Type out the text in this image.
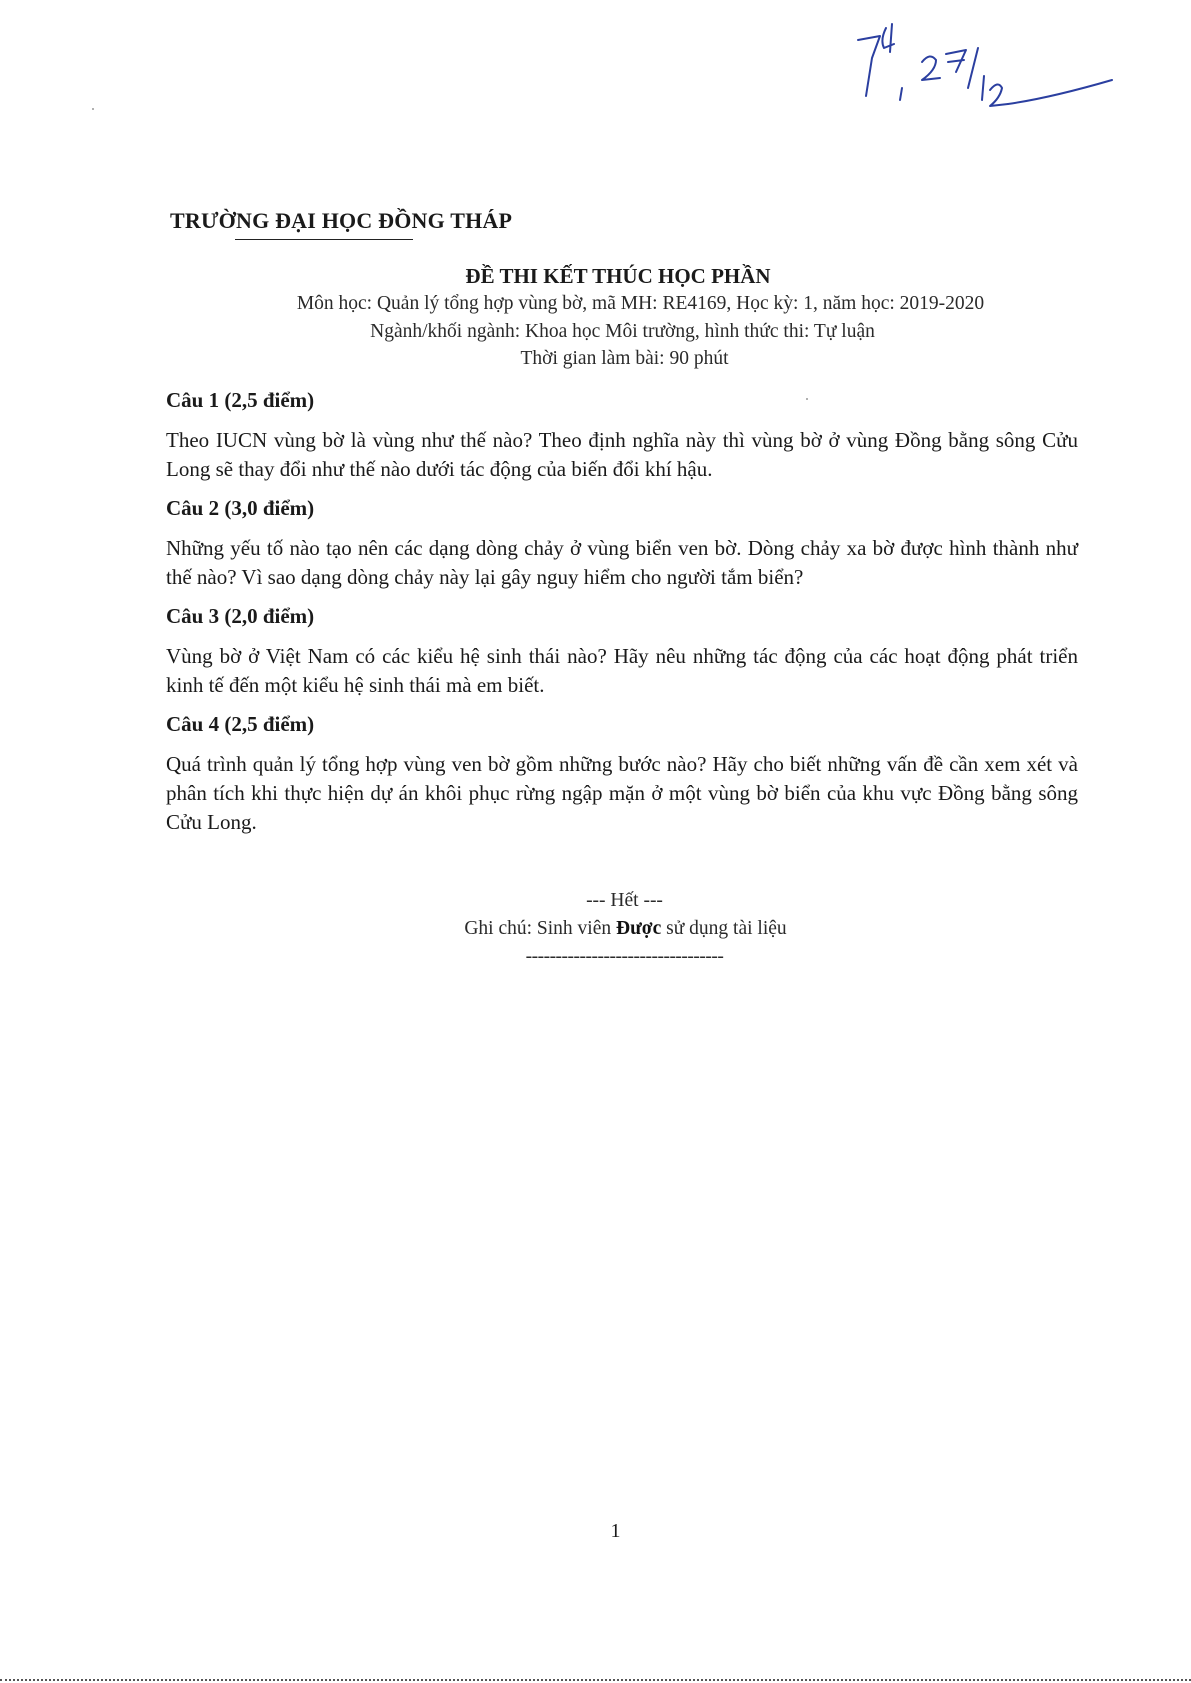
TRƯỜNG ĐẠI HỌC ĐỒNG THÁP
ĐỀ THI KẾT THÚC HỌC PHẦN
Môn học: Quản lý tổng hợp vùng bờ, mã MH: RE4169, Học kỳ: 1, năm học: 2019-2020
Ngành/khối ngành: Khoa học Môi trường, hình thức thi: Tự luận
Thời gian làm bài: 90 phút
Câu 1 (2,5 điểm)
Theo IUCN vùng bờ là vùng như thế nào? Theo định nghĩa này thì vùng bờ ở vùng Đồng bằng sông Cửu Long sẽ thay đổi như thế nào dưới tác động của biến đổi khí hậu.
Câu 2 (3,0 điểm)
Những yếu tố nào tạo nên các dạng dòng chảy ở vùng biển ven bờ. Dòng chảy xa bờ được hình thành như thế nào? Vì sao dạng dòng chảy này lại gây nguy hiểm cho người tắm biển?
Câu 3 (2,0 điểm)
Vùng bờ ở Việt Nam có các kiểu hệ sinh thái nào? Hãy nêu những tác động của các hoạt động phát triển kinh tế đến một kiểu hệ sinh thái mà em biết.
Câu 4 (2,5 điểm)
Quá trình quản lý tổng hợp vùng ven bờ gồm những bước nào? Hãy cho biết những vấn đề cần xem xét và phân tích khi thực hiện dự án khôi phục rừng ngập mặn ở một vùng bờ biển của khu vực Đồng bằng sông Cửu Long.
--- Hết ---
Ghi chú: Sinh viên Được sử dụng tài liệu
---------------------------------
1
